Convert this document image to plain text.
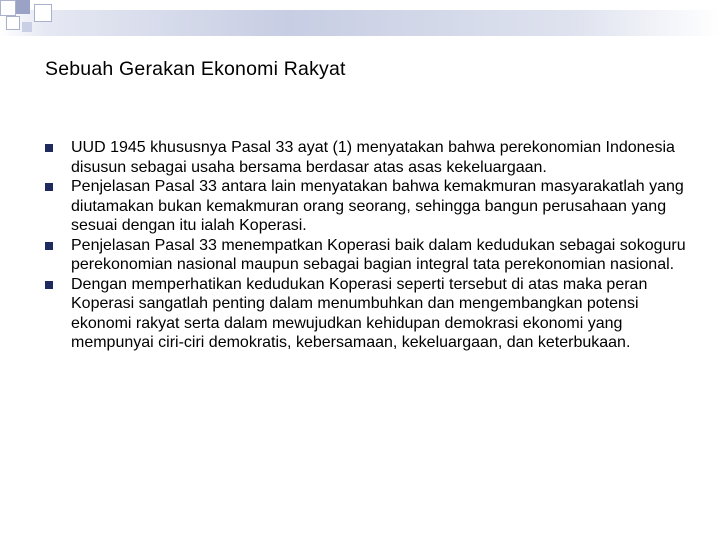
Sebuah Gerakan Ekonomi Rakyat
UUD 1945 khususnya Pasal 33 ayat (1) menyatakan bahwa perekonomian Indonesia disusun sebagai usaha bersama berdasar atas asas kekeluargaan.
Penjelasan Pasal 33 antara lain menyatakan bahwa kemakmuran masyarakatlah yang diutamakan bukan kemakmuran orang seorang, sehingga bangun perusahaan yang sesuai dengan itu ialah Koperasi.
Penjelasan Pasal 33 menempatkan Koperasi baik dalam kedudukan sebagai sokoguru perekonomian nasional maupun sebagai bagian integral tata perekonomian nasional.
Dengan memperhatikan kedudukan Koperasi seperti tersebut di atas maka peran Koperasi sangatlah penting dalam menumbuhkan dan mengembangkan potensi ekonomi rakyat serta dalam mewujudkan kehidupan demokrasi ekonomi yang mempunyai ciri-ciri demokratis, kebersamaan, kekeluargaan, dan keterbukaan.
